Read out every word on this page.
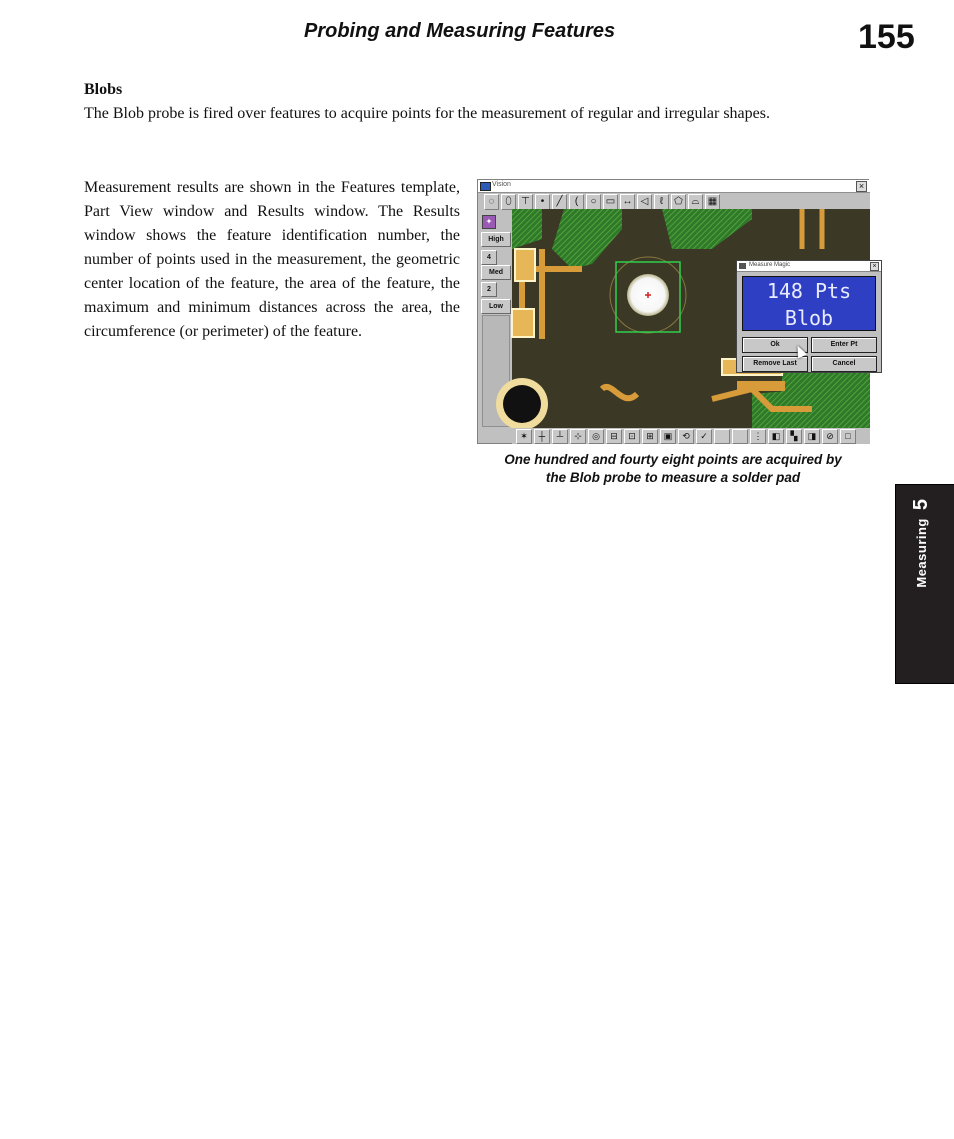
Probing and Measuring Features	155
Blobs
The Blob probe is fired over features to acquire points for the measurement of regular and irregular shapes.
Measurement results are shown in the Features template, Part View window and Results window. The Results window shows the feature identification number, the number of points used in the measurement, the geometric center location of the feature, the area of the feature, the maximum and minimum distances across the area, the circumference (or perimeter) of the feature.
Vision	×
◌	⬯ ⊤	•	╱	(	○ ▭ ↔ ◁	ℓ	⬠ ⌓ ▦
✦
High
4
Med
2
Low
Measure Magic	×
148 Pts
Blob
Ok	Enter Pt
Remove Last	Cancel
✶	┼	┴	⊹	◎	⊟	⊡	⊞	▣	⟲	✓	⋮	◧	▚	◨	⊘	□
One hundred and fourty eight points are acquired by
the Blob probe to measure a solder pad
Measuring
5
